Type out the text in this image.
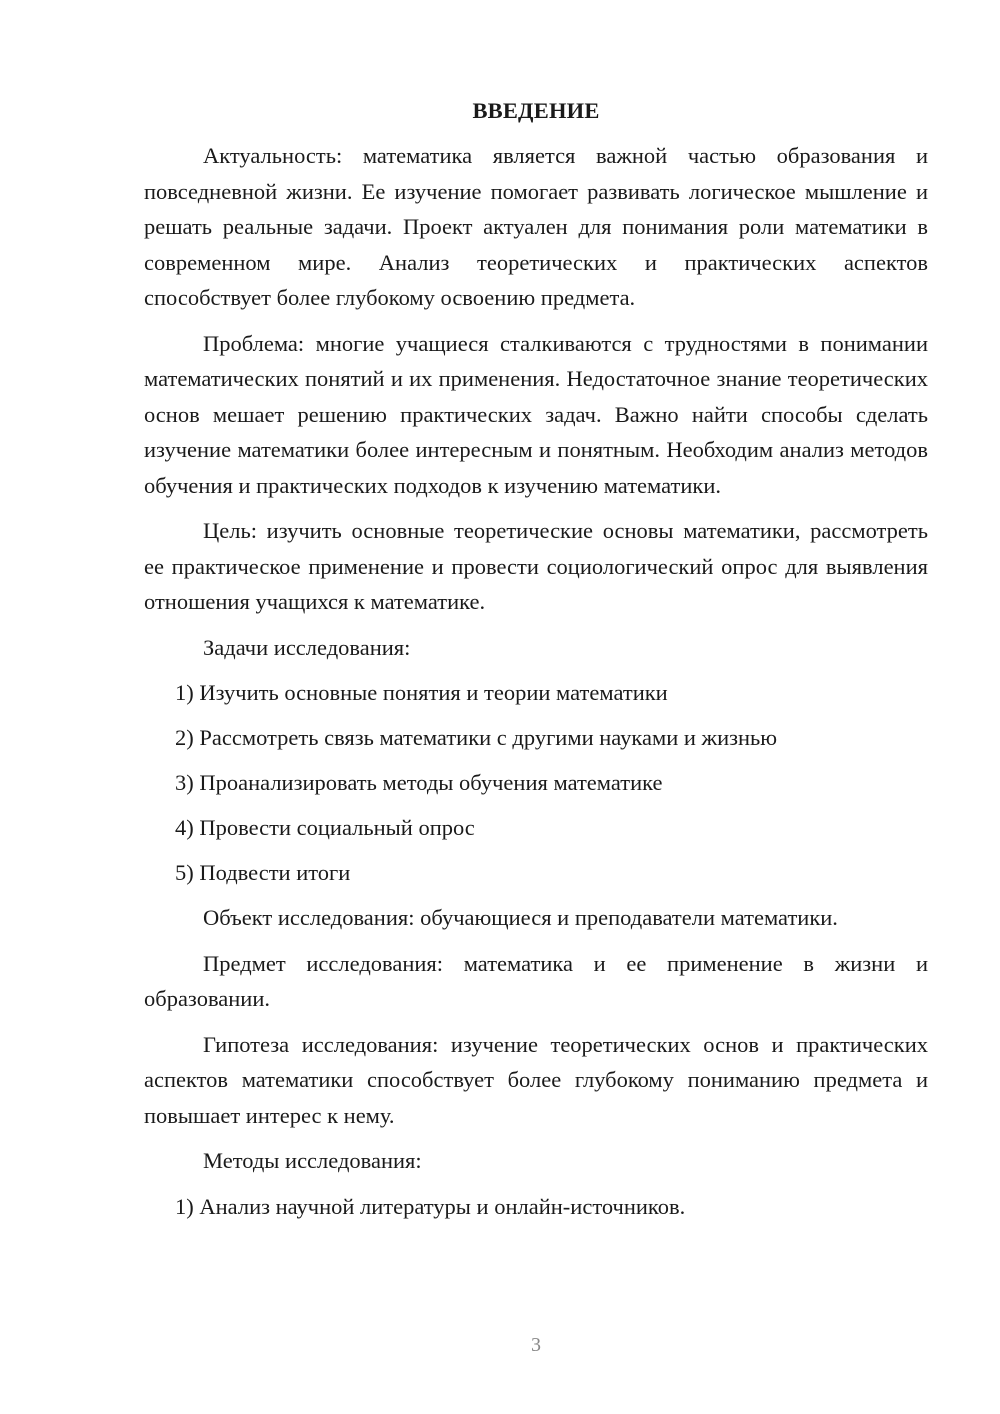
ВВЕДЕНИЕ

Актуальность: математика является важной частью образования и повседневной жизни. Ее изучение помогает развивать логическое мышление и решать реальные задачи. Проект актуален для понимания роли математики в современном мире. Анализ теоретических и практических аспектов способствует более глубокому освоению предмета.

Проблема: многие учащиеся сталкиваются с трудностями в понимании математических понятий и их применения. Недостаточное знание теоретических основ мешает решению практических задач. Важно найти способы сделать изучение математики более интересным и понятным. Необходим анализ методов обучения и практических подходов к изучению математики.

Цель: изучить основные теоретические основы математики, рассмотреть ее практическое применение и провести социологический опрос для выявления отношения учащихся к математике.

Задачи исследования:
1) Изучить основные понятия и теории математики
2) Рассмотреть связь математики с другими науками и жизнью
3) Проанализировать методы обучения математике
4) Провести социальный опрос
5) Подвести итоги

Объект исследования: обучающиеся и преподаватели математики.

Предмет исследования: математика и ее применение в жизни и образовании.

Гипотеза исследования: изучение теоретических основ и практических аспектов математики способствует более глубокому пониманию предмета и повышает интерес к нему.

Методы исследования:
1) Анализ научной литературы и онлайн-источников.
3
